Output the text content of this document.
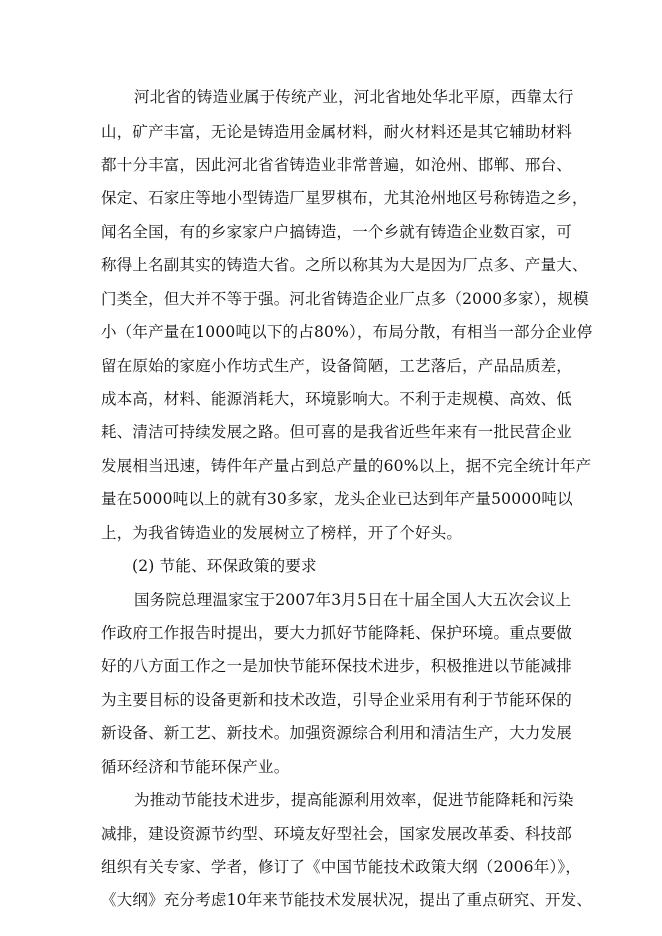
河北省的铸造业属于传统产业，河北省地处华北平原，西靠太行
山，矿产丰富，无论是铸造用金属材料，耐火材料还是其它辅助材料
都十分丰富，因此河北省省铸造业非常普遍，如沧州、邯郸、邢台、
保定、石家庄等地小型铸造厂星罗棋布，尤其沧州地区号称铸造之乡，
闻名全国，有的乡家家户户搞铸造，一个乡就有铸造企业数百家，可
称得上名副其实的铸造大省。之所以称其为大是因为厂点多、产量大、
门类全，但大并不等于强。河北省铸造企业厂点多（2000多家），规模
小（年产量在1000吨以下的占80%），布局分散，有相当一部分企业停
留在原始的家庭小作坊式生产，设备简陋，工艺落后，产品品质差，
成本高，材料、能源消耗大，环境影响大。不利于走规模、高效、低
耗、清洁可持续发展之路。但可喜的是我省近些年来有一批民营企业
发展相当迅速，铸件年产量占到总产量的60%以上，据不完全统计年产
量在5000吨以上的就有30多家，龙头企业已达到年产量50000吨以
上，为我省铸造业的发展树立了榜样，开了个好头。
(2) 节能、环保政策的要求
国务院总理温家宝于2007年3月5日在十届全国人大五次会议上
作政府工作报告时提出，要大力抓好节能降耗、保护环境。重点要做
好的八方面工作之一是加快节能环保技术进步，积极推进以节能减排
为主要目标的设备更新和技术改造，引导企业采用有利于节能环保的
新设备、新工艺、新技术。加强资源综合利用和清洁生产，大力发展
循环经济和节能环保产业。
为推动节能技术进步，提高能源利用效率，促进节能降耗和污染
减排，建设资源节约型、环境友好型社会，国家发展改革委、科技部
组织有关专家、学者，修订了《中国节能技术政策大纲（2006年）》，
《大纲》充分考虑10年来节能技术发展状况，提出了重点研究、开发、
